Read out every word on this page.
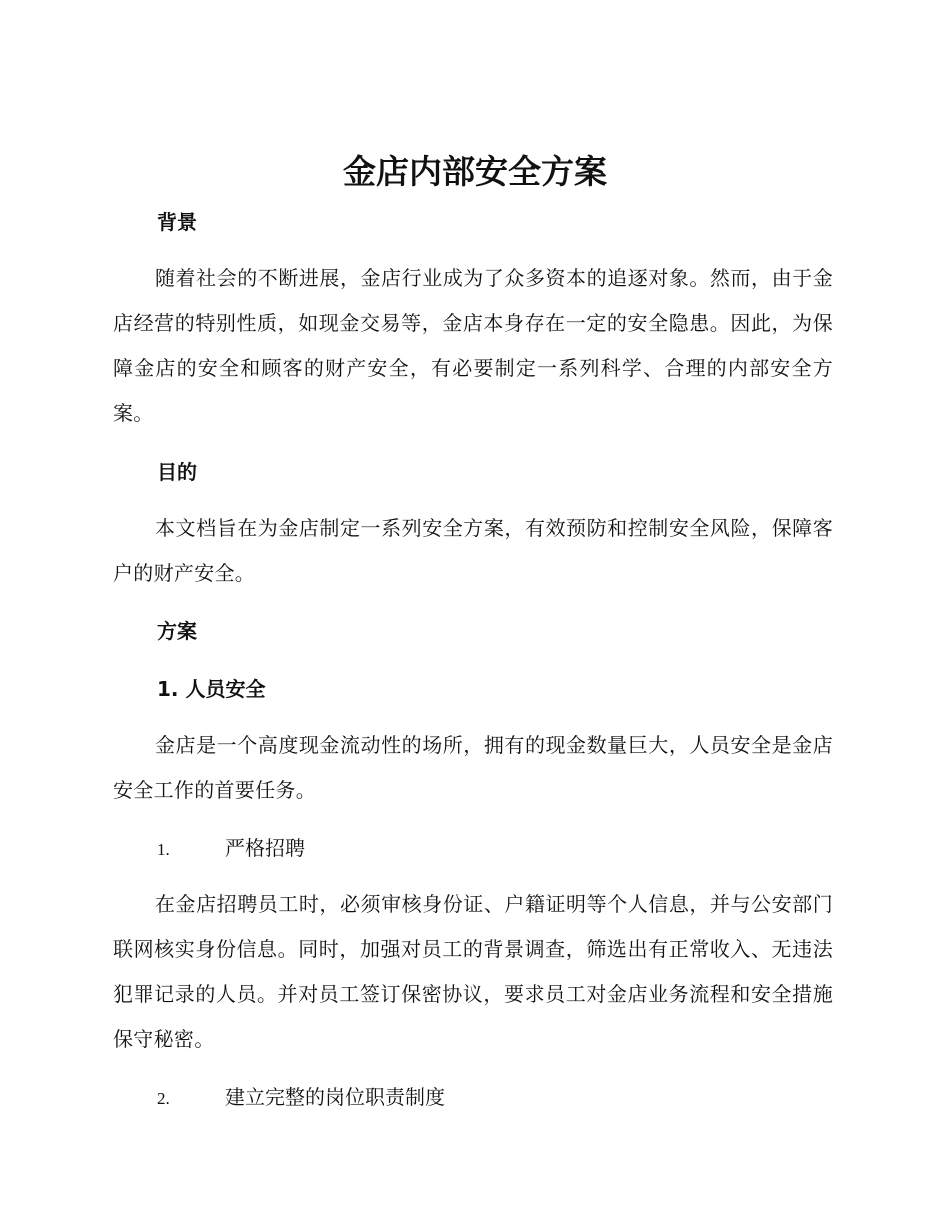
金店内部安全方案
背景

随着社会的不断进展，金店行业成为了众多资本的追逐对象。然而，由于金店经营的特别性质，如现金交易等，金店本身存在一定的安全隐患。因此，为保障金店的安全和顾客的财产安全，有必要制定一系列科学、合理的内部安全方案。

目的

本文档旨在为金店制定一系列安全方案，有效预防和控制安全风险，保障客户的财产安全。

方案
1. 人员安全

金店是一个高度现金流动性的场所，拥有的现金数量巨大，人员安全是金店安全工作的首要任务。

1.	严格招聘

在金店招聘员工时，必须审核身份证、户籍证明等个人信息，并与公安部门联网核实身份信息。同时，加强对员工的背景调查，筛选出有正常收入、无违法犯罪记录的人员。并对员工签订保密协议，要求员工对金店业务流程和安全措施保守秘密。

2.	建立完整的岗位职责制度
